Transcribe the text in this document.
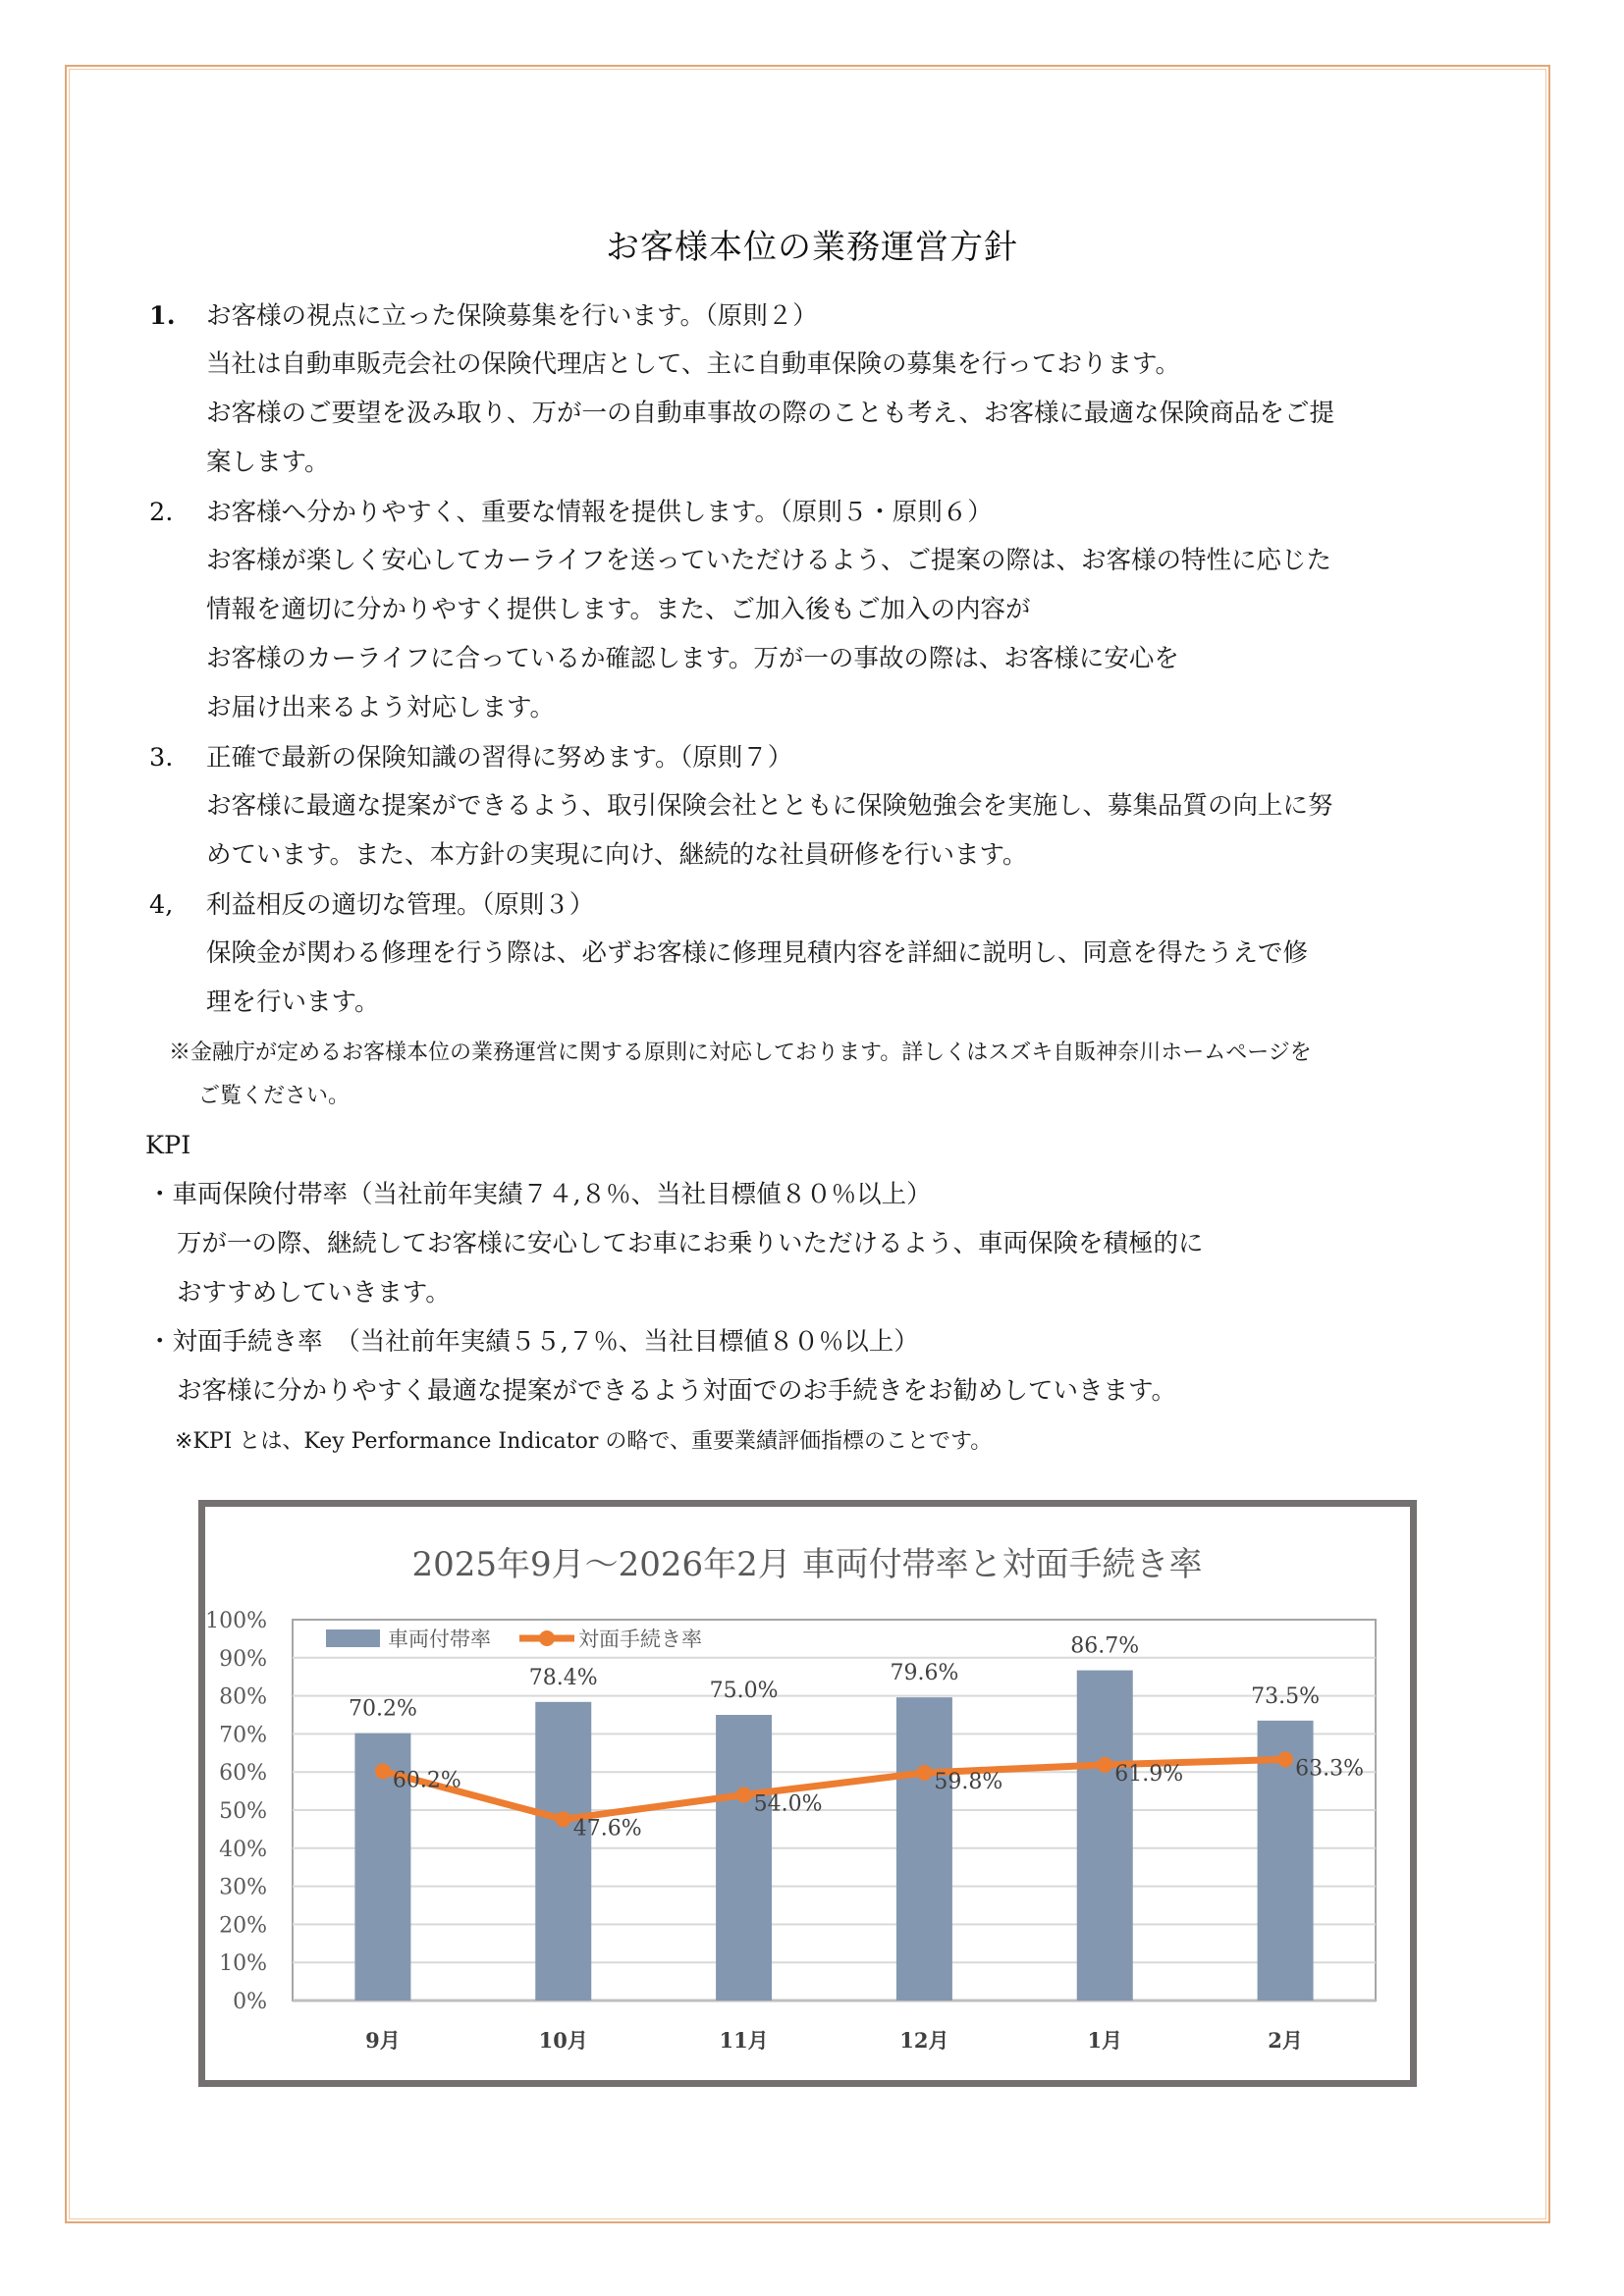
お客様本位の業務運営方針
1. お客様の視点に立った保険募集を行います。（原則２）
当社は自動車販売会社の保険代理店として、主に自動車保険の募集を行っております。
お客様のご要望を汲み取り、万が一の自動車事故の際のことも考え、お客様に最適な保険商品をご提
案します。
2. お客様へ分かりやすく、重要な情報を提供します。（原則５・原則６）
お客様が楽しく安心してカーライフを送っていただけるよう、ご提案の際は、お客様の特性に応じた
情報を適切に分かりやすく提供します。また、ご加入後もご加入の内容が
お客様のカーライフに合っているか確認します。万が一の事故の際は、お客様に安心を
お届け出来るよう対応します。
3. 正確で最新の保険知識の習得に努めます。（原則７）
お客様に最適な提案ができるよう、取引保険会社とともに保険勉強会を実施し、募集品質の向上に努
めています。また、本方針の実現に向け、継続的な社員研修を行います。
4, 利益相反の適切な管理。（原則３）
保険金が関わる修理を行う際は、必ずお客様に修理見積内容を詳細に説明し、同意を得たうえで修
理を行います。
※金融庁が定めるお客様本位の業務運営に関する原則に対応しております。詳しくはスズキ自販神奈川ホームページを
ご覧ください。
KPI
・車両保険付帯率（当社前年実績７４,８％、当社目標値８０％以上）
万が一の際、継続してお客様に安心してお車にお乗りいただけるよう、車両保険を積極的に
おすすめしていきます。
・対面手続き率　（当社前年実績５５,７％、当社目標値８０％以上）
お客様に分かりやすく最適な提案ができるよう対面でのお手続きをお勧めしていきます。
※KPI とは、Key Performance Indicator の略で、重要業績評価指標のことです。
2025年9月～2026年2月 車両付帯率と対面手続き率
0%
10%
20%
30%
40%
50%
60%
70%
80%
90%
100%
70.2%
78.4%
75.0%
79.6%
86.7%
73.5%
60.2%
47.6%
54.0%
59.8%	61.9%	63.3%
9月	10月	11月	12月	1月	2月
車両付帯率	対面手続き率
